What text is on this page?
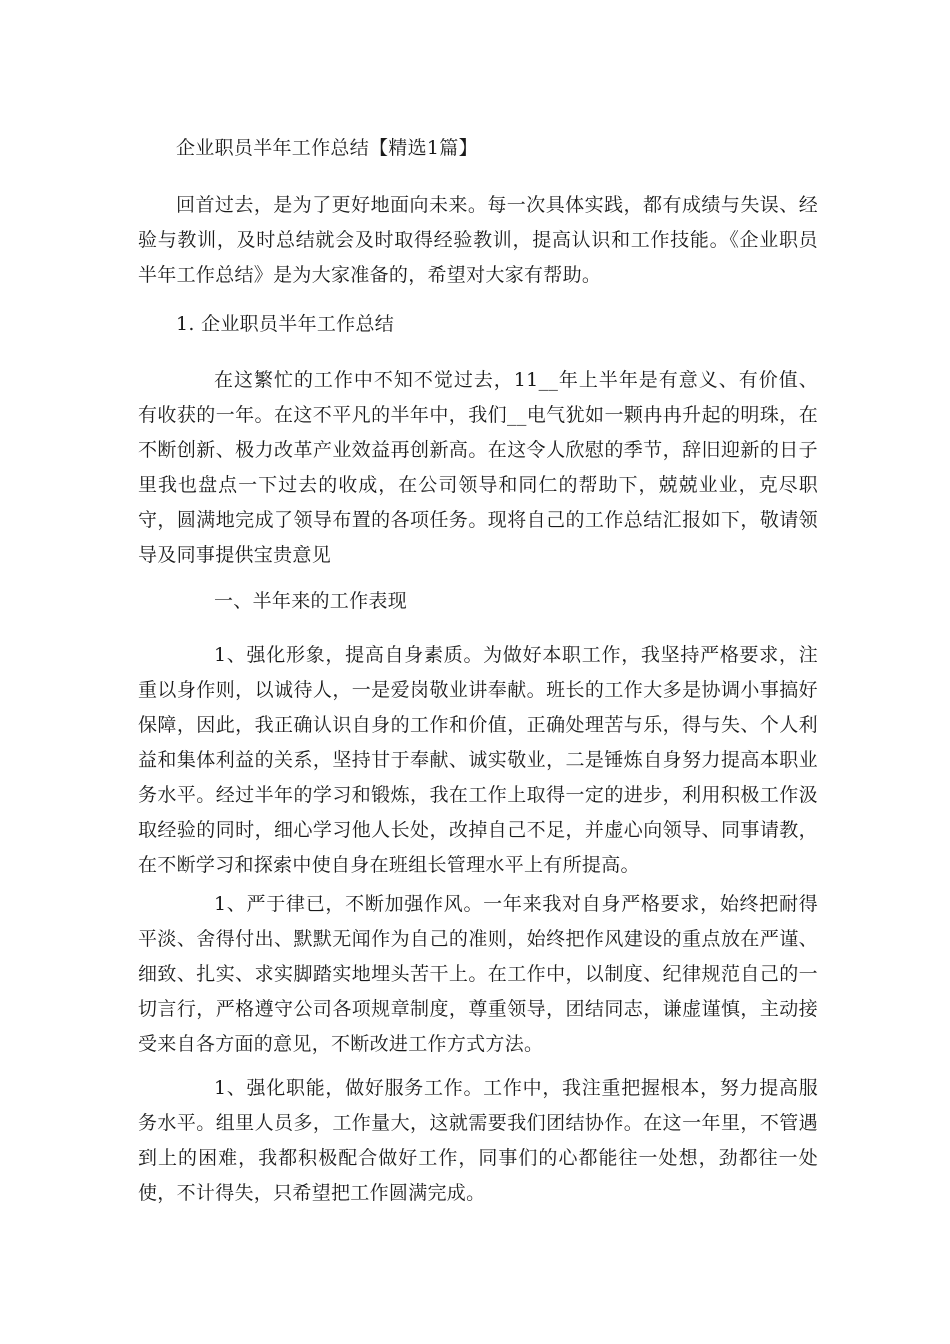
企业职员半年工作总结【精选1篇】
回首过去，是为了更好地面向未来。每一次具体实践，都有成绩与失误、经验与教训，及时总结就会及时取得经验教训，提高认识和工作技能。《企业职员半年工作总结》是为大家准备的，希望对大家有帮助。
1. 企业职员半年工作总结
在这繁忙的工作中不知不觉过去，11__年上半年是有意义、有价值、有收获的一年。在这不平凡的半年中，我们__电气犹如一颗冉冉升起的明珠，在不断创新、极力改革产业效益再创新高。在这令人欣慰的季节，辞旧迎新的日子里我也盘点一下过去的收成，在公司领导和同仁的帮助下，兢兢业业，克尽职守，圆满地完成了领导布置的各项任务。现将自己的工作总结汇报如下，敬请领导及同事提供宝贵意见
一、半年来的工作表现
1、强化形象，提高自身素质。为做好本职工作，我坚持严格要求，注重以身作则，以诚待人，一是爱岗敬业讲奉献。班长的工作大多是协调小事搞好保障，因此，我正确认识自身的工作和价值，正确处理苦与乐，得与失、个人利益和集体利益的关系，坚持甘于奉献、诚实敬业，二是锤炼自身努力提高本职业务水平。经过半年的学习和锻炼，我在工作上取得一定的进步，利用积极工作汲取经验的同时，细心学习他人长处，改掉自己不足，并虚心向领导、同事请教，在不断学习和探索中使自身在班组长管理水平上有所提高。
1、严于律已，不断加强作风。一年来我对自身严格要求，始终把耐得平淡、舍得付出、默默无闻作为自己的准则，始终把作风建设的重点放在严谨、细致、扎实、求实脚踏实地埋头苦干上。在工作中，以制度、纪律规范自己的一切言行，严格遵守公司各项规章制度，尊重领导，团结同志，谦虚谨慎，主动接受来自各方面的意见，不断改进工作方式方法。
1、强化职能，做好服务工作。工作中，我注重把握根本，努力提高服务水平。组里人员多，工作量大，这就需要我们团结协作。在这一年里，不管遇到上的困难，我都积极配合做好工作，同事们的心都能往一处想，劲都往一处使，不计得失，只希望把工作圆满完成。
